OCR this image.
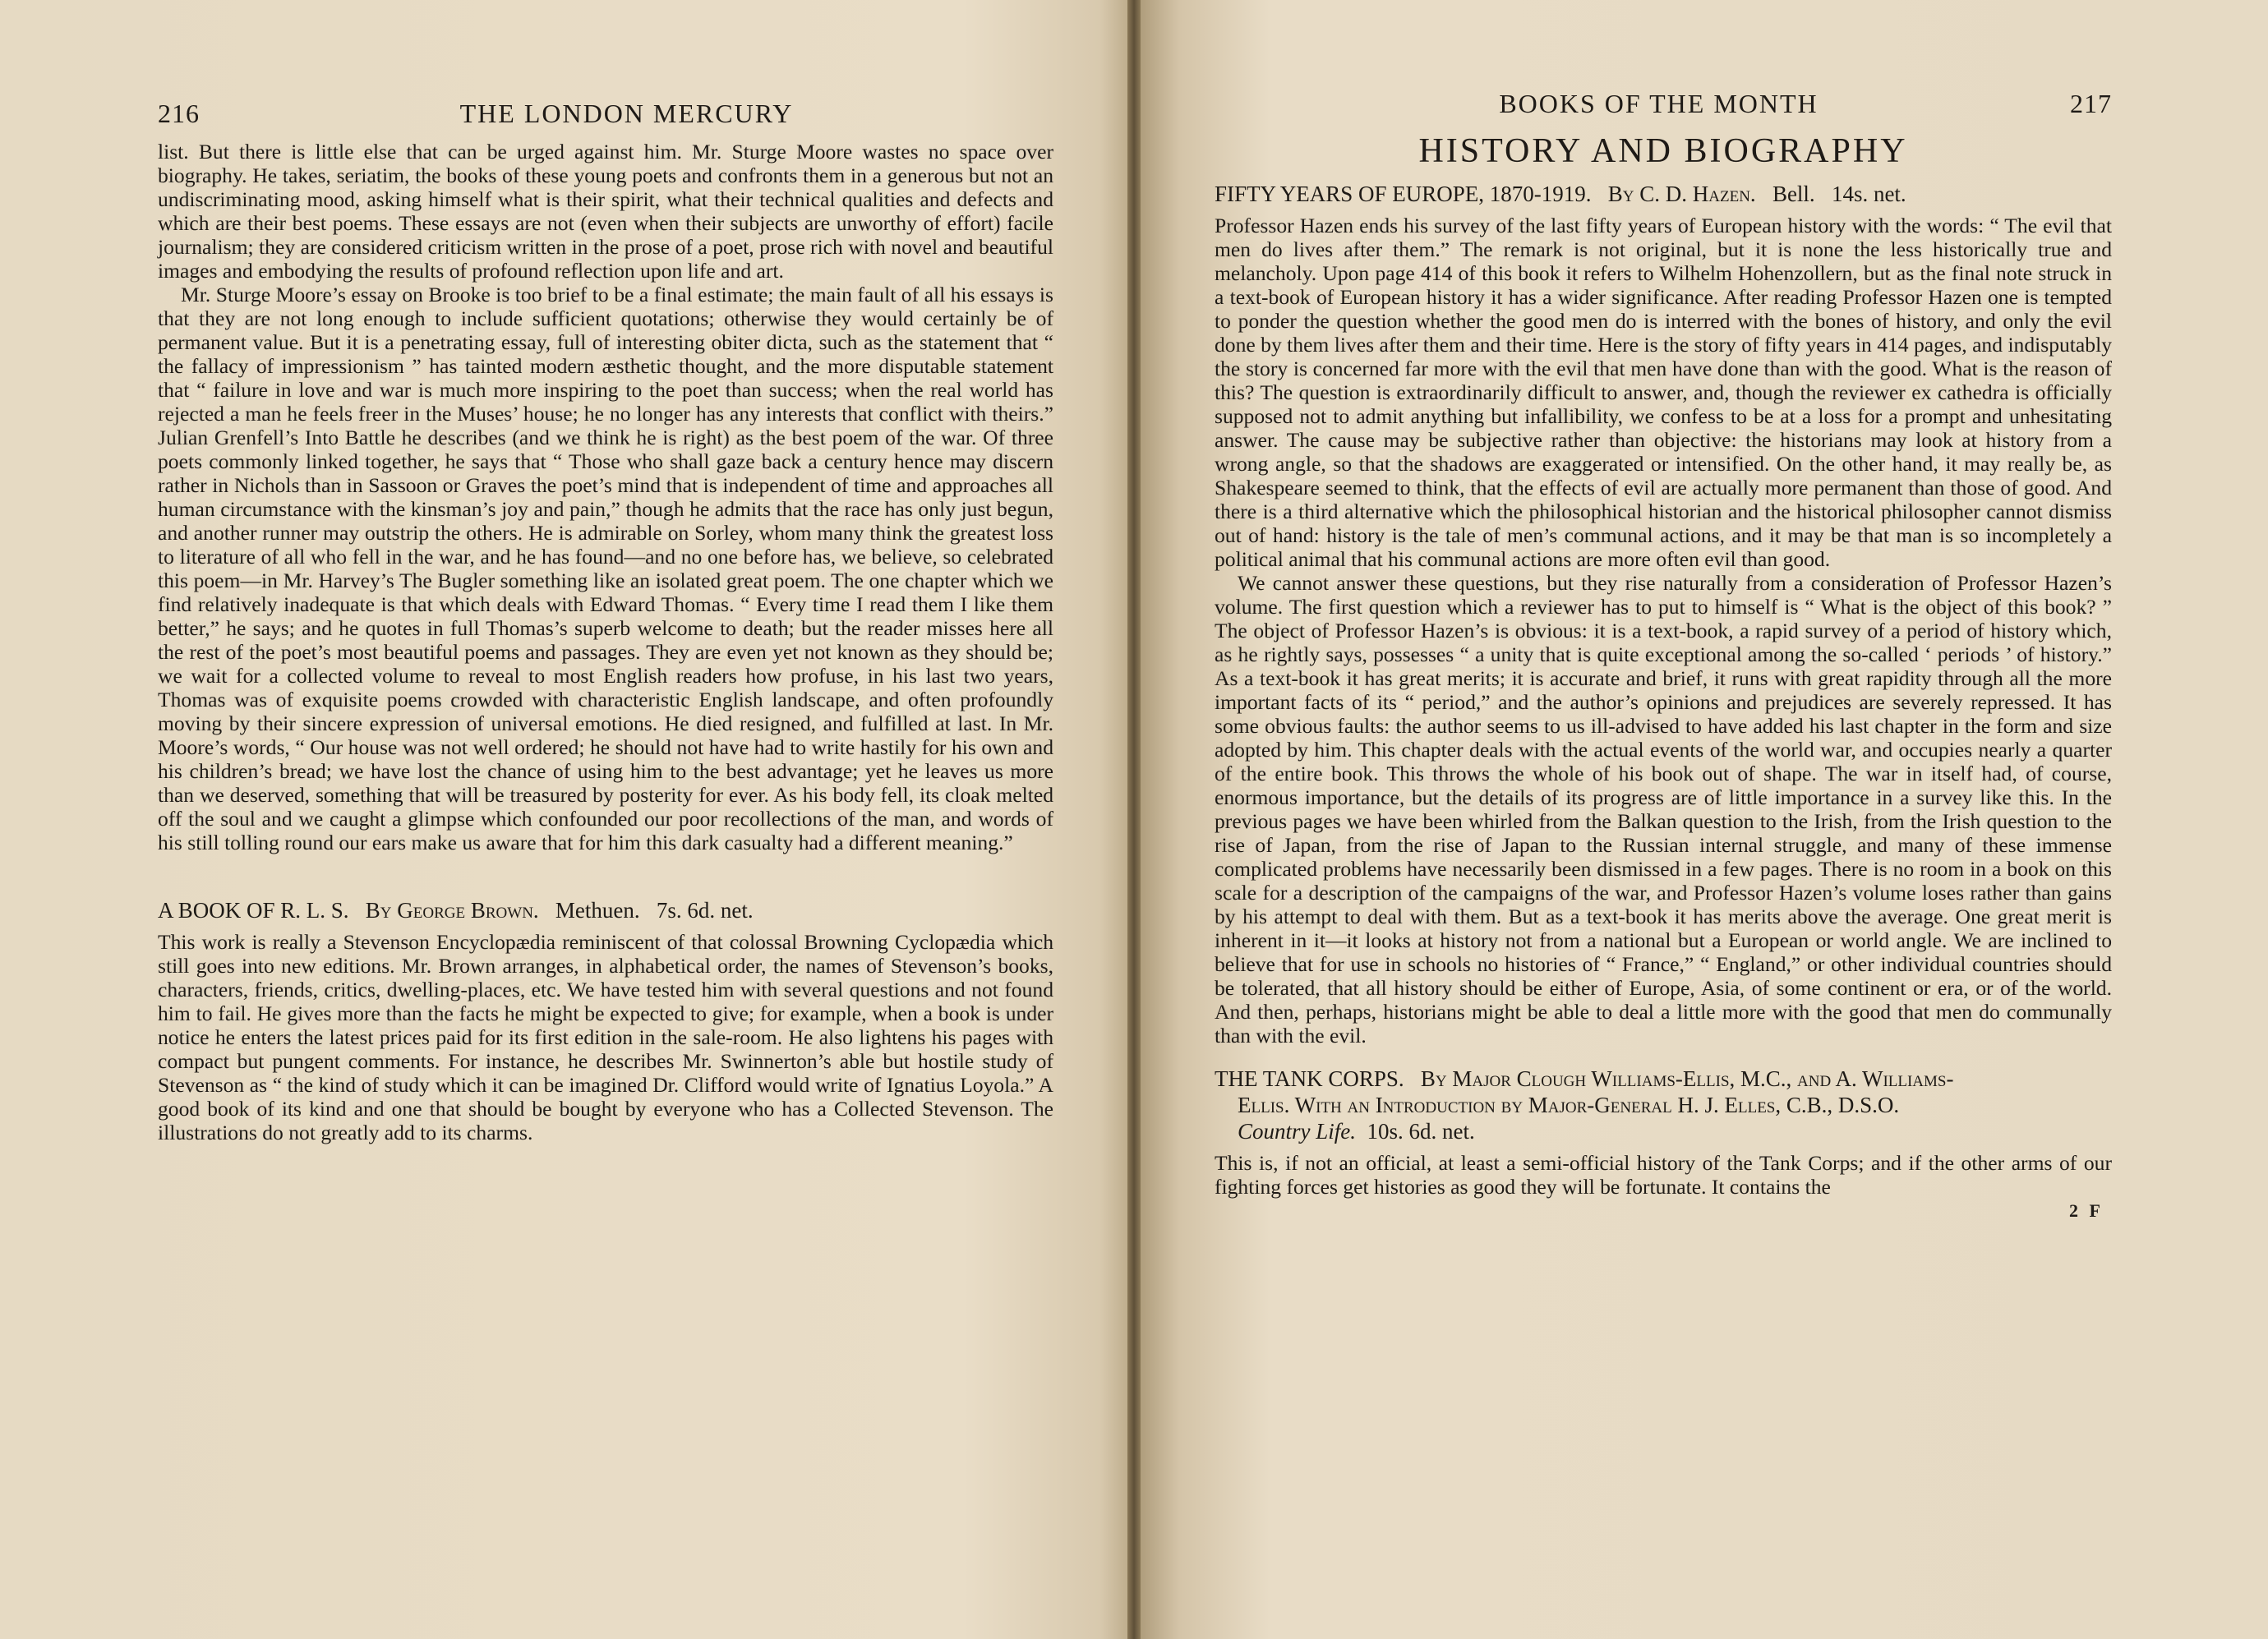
216	THE LONDON MERCURY

list. But there is little else that can be urged against him. Mr. Sturge Moore wastes no space over biography. He takes, seriatim, the books of these young poets and confronts them in a generous but not an undiscriminating mood, asking himself what is their spirit, what their technical qualities and defects and which are their best poems. These essays are not (even when their subjects are unworthy of effort) facile journalism; they are considered criticism written in the prose of a poet, prose rich with novel and beautiful images and embodying the results of profound reflection upon life and art.

Mr. Sturge Moore’s essay on Brooke is too brief to be a final estimate; the main fault of all his essays is that they are not long enough to include sufficient quotations; otherwise they would certainly be of permanent value. But it is a penetrating essay, full of interesting obiter dicta, such as the statement that “ the fallacy of impressionism ” has tainted modern æsthetic thought, and the more disputable statement that “ failure in love and war is much more inspiring to the poet than success; when the real world has rejected a man he feels freer in the Muses’ house; he no longer has any interests that conflict with theirs.” Julian Grenfell’s Into Battle he describes (and we think he is right) as the best poem of the war. Of three poets commonly linked together, he says that “ Those who shall gaze back a century hence may discern rather in Nichols than in Sassoon or Graves the poet’s mind that is independent of time and approaches all human circumstance with the kinsman’s joy and pain,” though he admits that the race has only just begun, and another runner may outstrip the others. He is admirable on Sorley, whom many think the greatest loss to literature of all who fell in the war, and he has found—and no one before has, we believe, so celebrated this poem—in Mr. Harvey’s The Bugler something like an isolated great poem. The one chapter which we find relatively inadequate is that which deals with Edward Thomas. “ Every time I read them I like them better,” he says; and he quotes in full Thomas’s superb welcome to death; but the reader misses here all the rest of the poet’s most beautiful poems and passages. They are even yet not known as they should be; we wait for a collected volume to reveal to most English readers how profuse, in his last two years, Thomas was of exquisite poems crowded with characteristic English landscape, and often profoundly moving by their sincere expression of universal emotions. He died resigned, and fulfilled at last. In Mr. Moore’s words, “ Our house was not well ordered; he should not have had to write hastily for his own and his children’s bread; we have lost the chance of using him to the best advantage; yet he leaves us more than we deserved, something that will be treasured by posterity for ever. As his body fell, its cloak melted off the soul and we caught a glimpse which confounded our poor recollections of the man, and words of his still tolling round our ears make us aware that for him this dark casualty had a different meaning.”

A BOOK OF R. L. S. By George Brown. Methuen. 7s. 6d. net.

This work is really a Stevenson Encyclopædia reminiscent of that colossal Browning Cyclopædia which still goes into new editions. Mr. Brown arranges, in alphabetical order, the names of Stevenson’s books, characters, friends, critics, dwelling-places, etc. We have tested him with several questions and not found him to fail. He gives more than the facts he might be expected to give; for example, when a book is under notice he enters the latest prices paid for its first edition in the sale-room. He also lightens his pages with compact but pungent comments. For instance, he describes Mr. Swinnerton’s able but hostile study of Stevenson as “ the kind of study which it can be imagined Dr. Clifford would write of Ignatius Loyola.” A good book of its kind and one that should be bought by everyone who has a Collected Stevenson. The illustrations do not greatly add to its charms.

BOOKS OF THE MONTH	217
HISTORY AND BIOGRAPHY
FIFTY YEARS OF EUROPE, 1870-1919. By C. D. Hazen. Bell. 14s. net.

Professor Hazen ends his survey of the last fifty years of European history with the words: “ The evil that men do lives after them.” The remark is not original, but it is none the less historically true and melancholy. Upon page 414 of this book it refers to Wilhelm Hohenzollern, but as the final note struck in a text-book of European history it has a wider significance. After reading Professor Hazen one is tempted to ponder the question whether the good men do is interred with the bones of history, and only the evil done by them lives after them and their time. Here is the story of fifty years in 414 pages, and indisputably the story is concerned far more with the evil that men have done than with the good. What is the reason of this? The question is extraordinarily difficult to answer, and, though the reviewer ex cathedra is officially supposed not to admit anything but infallibility, we confess to be at a loss for a prompt and unhesitating answer. The cause may be subjective rather than objective: the historians may look at history from a wrong angle, so that the shadows are exaggerated or intensified. On the other hand, it may really be, as Shakespeare seemed to think, that the effects of evil are actually more permanent than those of good. And there is a third alternative which the philosophical historian and the historical philosopher cannot dismiss out of hand: history is the tale of men’s communal actions, and it may be that man is so incompletely a political animal that his communal actions are more often evil than good.

We cannot answer these questions, but they rise naturally from a consideration of Professor Hazen’s volume. The first question which a reviewer has to put to himself is “ What is the object of this book? ” The object of Professor Hazen’s is obvious: it is a text-book, a rapid survey of a period of history which, as he rightly says, possesses “ a unity that is quite exceptional among the so-called ‘ periods ’ of history.” As a text-book it has great merits; it is accurate and brief, it runs with great rapidity through all the more important facts of its “ period,” and the author’s opinions and prejudices are severely repressed. It has some obvious faults: the author seems to us ill-advised to have added his last chapter in the form and size adopted by him. This chapter deals with the actual events of the world war, and occupies nearly a quarter of the entire book. This throws the whole of his book out of shape. The war in itself had, of course, enormous importance, but the details of its progress are of little importance in a survey like this. In the previous pages we have been whirled from the Balkan question to the Irish, from the Irish question to the rise of Japan, from the rise of Japan to the Russian internal struggle, and many of these immense complicated problems have necessarily been dismissed in a few pages. There is no room in a book on this scale for a description of the campaigns of the war, and Professor Hazen’s volume loses rather than gains by his attempt to deal with them. But as a text-book it has merits above the average. One great merit is inherent in it—it looks at history not from a national but a European or world angle. We are inclined to believe that for use in schools no histories of “ France,” “ England,” or other individual countries should be tolerated, that all history should be either of Europe, Asia, of some continent or era, or of the world. And then, perhaps, historians might be able to deal a little more with the good that men do communally than with the evil.

THE TANK CORPS. By Major Clough Williams-Ellis, M.C., and A. Williams-
Ellis. With an Introduction by Major-General H. J. Elles, C.B., D.S.O.
Country Life. 10s. 6d. net.

This is, if not an official, at least a semi-official history of the Tank Corps; and if the other arms of our fighting forces get histories as good they will be fortunate. It contains the

2 F
